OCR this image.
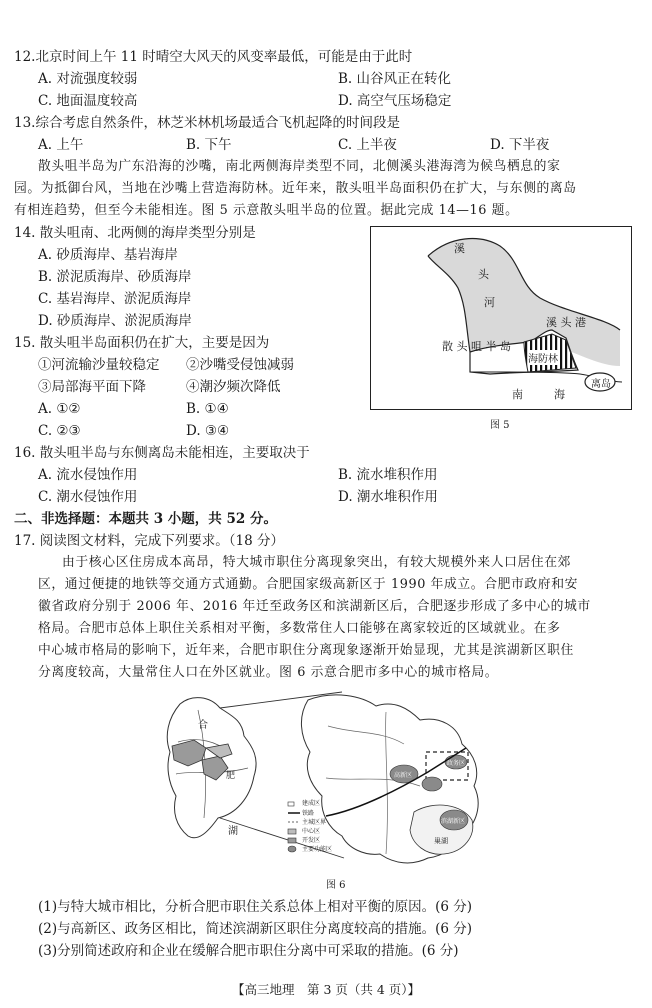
12.北京时间上午 11 时晴空大风天的风变率最低，可能是由于此时
A. 对流强度较弱	B. 山谷风正在转化
C. 地面温度较高	D. 高空气压场稳定
13.综合考虑自然条件，林芝米林机场最适合飞机起降的时间段是
A. 上午	B. 下午	C. 上半夜	D. 下半夜
散头咀半岛为广东沿海的沙嘴，南北两侧海岸类型不同，北侧溪头港海湾为候鸟栖息的家
园。为抵御台风，当地在沙嘴上营造海防林。近年来，散头咀半岛面积仍在扩大，与东侧的离岛
有相连趋势，但至今未能相连。图 5 示意散头咀半岛的位置。据此完成 14—16 题。
14. 散头咀南、北两侧的海岸类型分别是
A. 砂质海岸、基岩海岸
B. 淤泥质海岸、砂质海岸
C. 基岩海岸、淤泥质海岸
D. 砂质海岸、淤泥质海岸
15. 散头咀半岛面积仍在扩大，主要是因为
①河流输沙量较稳定 ②沙嘴受侵蚀减弱
③局部海平面下降	④潮汐频次降低
A. ①②	B. ①④
C. ②③	D. ③④
溪
头
河
溪 头 港
散 头 咀 半 岛
海防林
南	海
离岛
图 5
16. 散头咀半岛与东侧离岛未能相连，主要取决于
A. 流水侵蚀作用	B. 流水堆积作用
C. 潮水侵蚀作用	D. 潮水堆积作用
二、非选择题：本题共 3 小题，共 52 分。
17. 阅读图文材料，完成下列要求。（18 分）
由于核心区住房成本高昂，特大城市职住分离现象突出，有较大规模外来人口居住在郊
区，通过便捷的地铁等交通方式通勤。合肥国家级高新区于 1990 年成立。合肥市政府和安
徽省政府分别于 2006 年、2016 年迁至政务区和滨湖新区后，合肥逐步形成了多中心的城市
格局。合肥市总体上职住关系相对平衡，多数常住人口能够在离家较近的区域就业。在多
中心城市格局的影响下，近年来，合肥市职住分离现象逐渐开始显现，尤其是滨湖新区职住
分离度较高，大量常住人口在外区就业。图 6 示意合肥市多中心的城市格局。
合
肥
湖
高新区
政务区
滨湖新区
巢湖
建成区
铁路
主城区界
中心区
开发区
主要功能区
图 6
(1)与特大城市相比，分析合肥市职住关系总体上相对平衡的原因。(6 分)
(2)与高新区、政务区相比，简述滨湖新区职住分离度较高的措施。(6 分)
(3)分别简述政府和企业在缓解合肥市职住分离中可采取的措施。(6 分)
【高三地理　第 3 页（共 4 页）】
